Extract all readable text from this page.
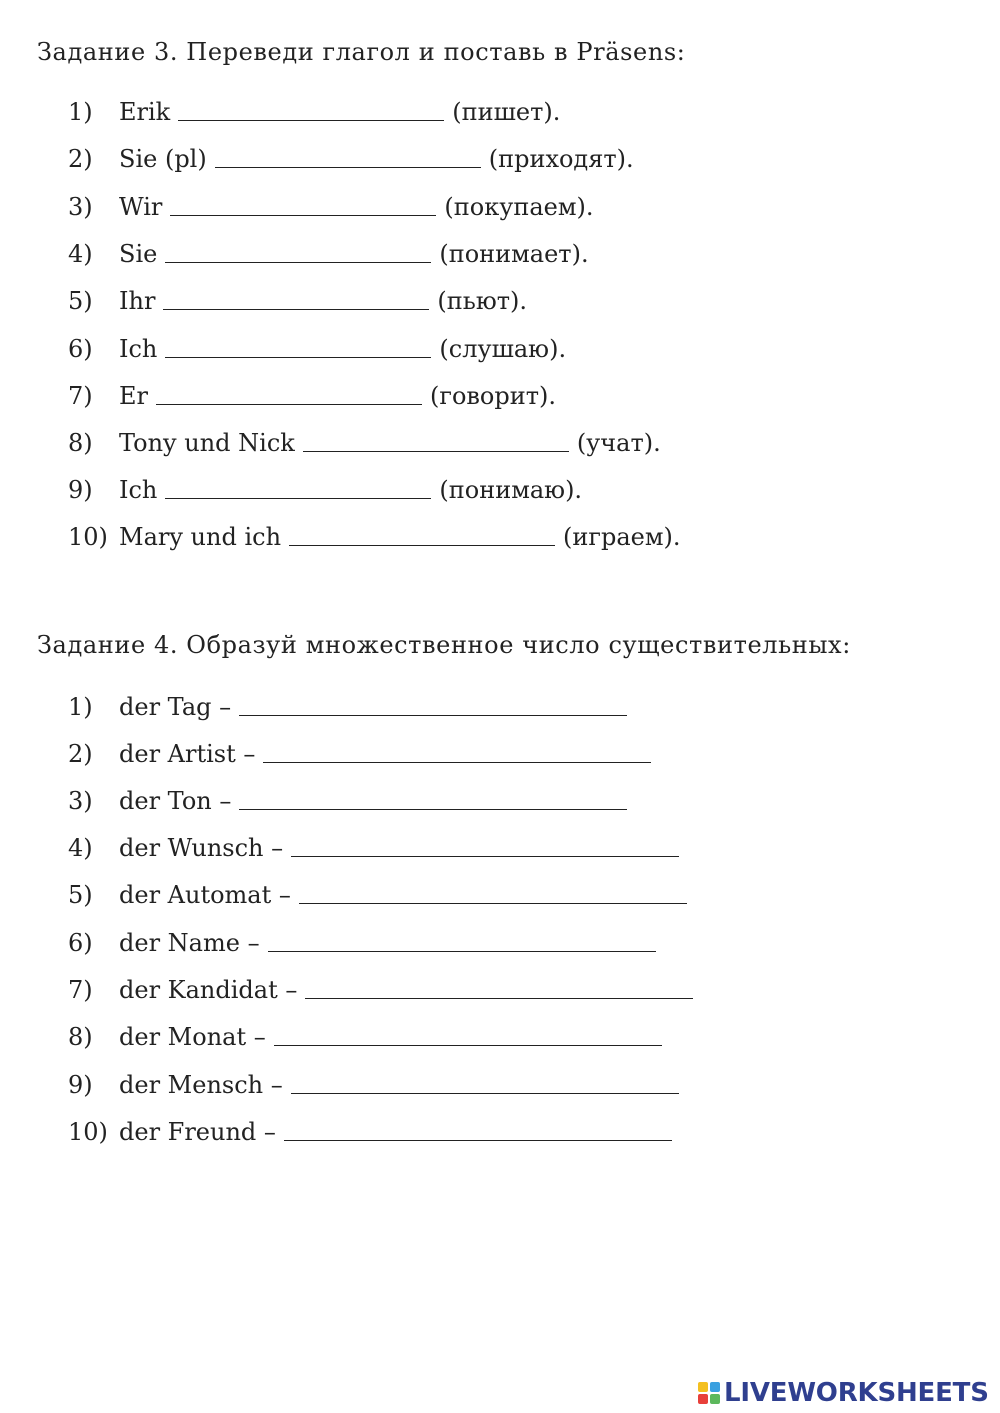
Задание 3. Переведи глагол и поставь в Präsens:
1) Erik	(пишет).
2) Sie (pl)	(приходят).
3) Wir	(покупаем).
4) Sie	(понимает).
5) Ihr	(пьют).
6) Ich	(слушаю).
7) Er	(говорит).
8) Tony und Nick	(учат).
9) Ich	(понимаю).
10) Mary und ich	(играем).
Задание 4. Образуй множественное число существительных:
1) der Tag –
2) der Artist –
3) der Ton –
4) der Wunsch –
5) der Automat –
6) der Name –
7) der Kandidat –
8) der Monat –
9) der Mensch –
10) der Freund –
LIVEWORKSHEETS
